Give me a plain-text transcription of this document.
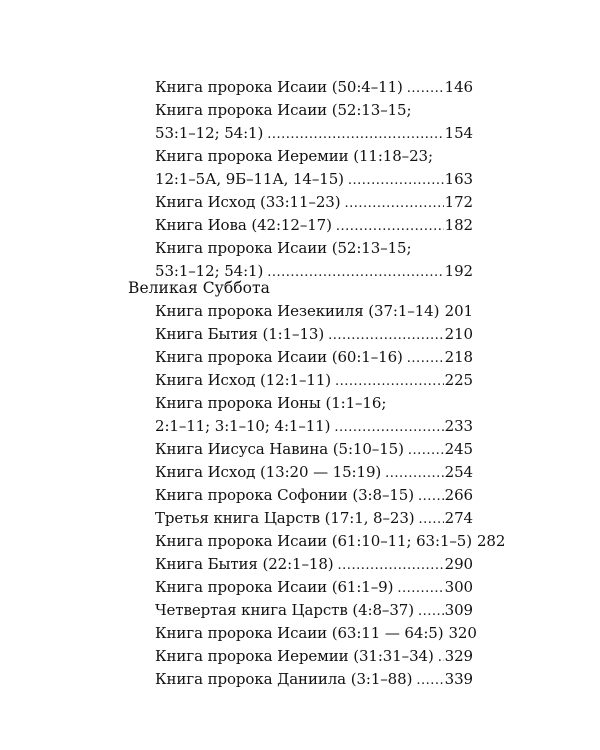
Книга пророка Исаии (50:4–11) .....	146
Книга пророка Исаии (52:13–15;
53:1–12; 54:1) .....	154
Книга пророка Иеремии (11:18–23;
12:1–5А, 9Б–11А, 14–15) .....	163
Книга Исход (33:11–23) .....	172
Книга Иова (42:12–17) .....	182
Книга пророка Исаии (52:13–15;
53:1–12; 54:1) .....	192
Великая Суббота
Книга пророка Иезекииля (37:1–14) ..... 201
Книга Бытия (1:1–13) .....	210
Книга пророка Исаии (60:1–16) .....	218
Книга Исход (12:1–11) .....	225
Книга пророка Ионы (1:1–16;
2:1–11; 3:1–10; 4:1–11) .....	233
Книга Иисуса Навина (5:10–15) .....	245
Книга Исход (13:20 — 15:19) .....	254
Книга пророка Софонии (3:8–15) ..... 266
Третья книга Царств (17:1, 8–23) ..... 274
Книга пророка Исаии (61:10–11; 63:1–5) 282
Книга Бытия (22:1–18) .....	290
Книга пророка Исаии (61:1–9) .....	300
Четвертая книга Царств (4:8–37) ..... 309
Книга пророка Исаии (63:11 — 64:5) 320
Книга пророка Иеремии (31:31–34) ..... 329
Книга пророка Даниила (3:1–88) ..... 339
